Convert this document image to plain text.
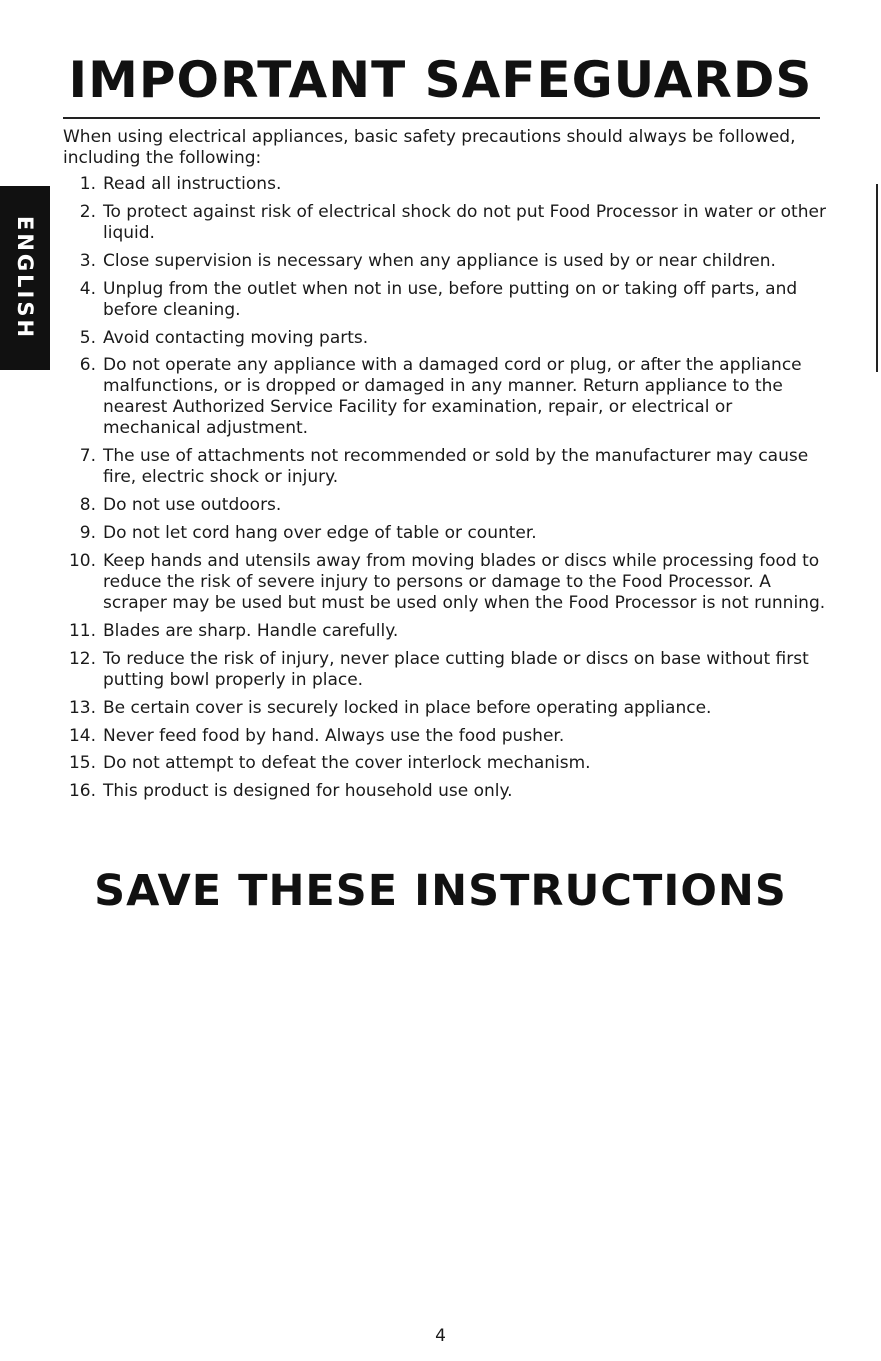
IMPORTANT SAFEGUARDS
ENGLISH

When using electrical appliances, basic safety precautions should always be followed, including the following:

1. Read all instructions.
2. To protect against risk of electrical shock do not put Food Processor in water or other liquid.
3. Close supervision is necessary when any appliance is used by or near children.
4. Unplug from the outlet when not in use, before putting on or taking off parts, and before cleaning.
5. Avoid contacting moving parts.
6. Do not operate any appliance with a damaged cord or plug, or after the appliance malfunctions, or is dropped or damaged in any manner. Return appliance to the nearest Authorized Service Facility for examination, repair, or electrical or mechanical adjustment.
7. The use of attachments not recommended or sold by the manufacturer may cause fire, electric shock or injury.
8. Do not use outdoors.
9. Do not let cord hang over edge of table or counter.
10. Keep hands and utensils away from moving blades or discs while processing food to reduce the risk of severe injury to persons or damage to the Food Processor. A scraper may be used but must be used only when the Food Processor is not running.
11. Blades are sharp. Handle carefully.
12. To reduce the risk of injury, never place cutting blade or discs on base without first putting bowl properly in place.
13. Be certain cover is securely locked in place before operating appliance.
14. Never feed food by hand. Always use the food pusher.
15. Do not attempt to defeat the cover interlock mechanism.
16. This product is designed for household use only.
SAVE THESE INSTRUCTIONS
4
